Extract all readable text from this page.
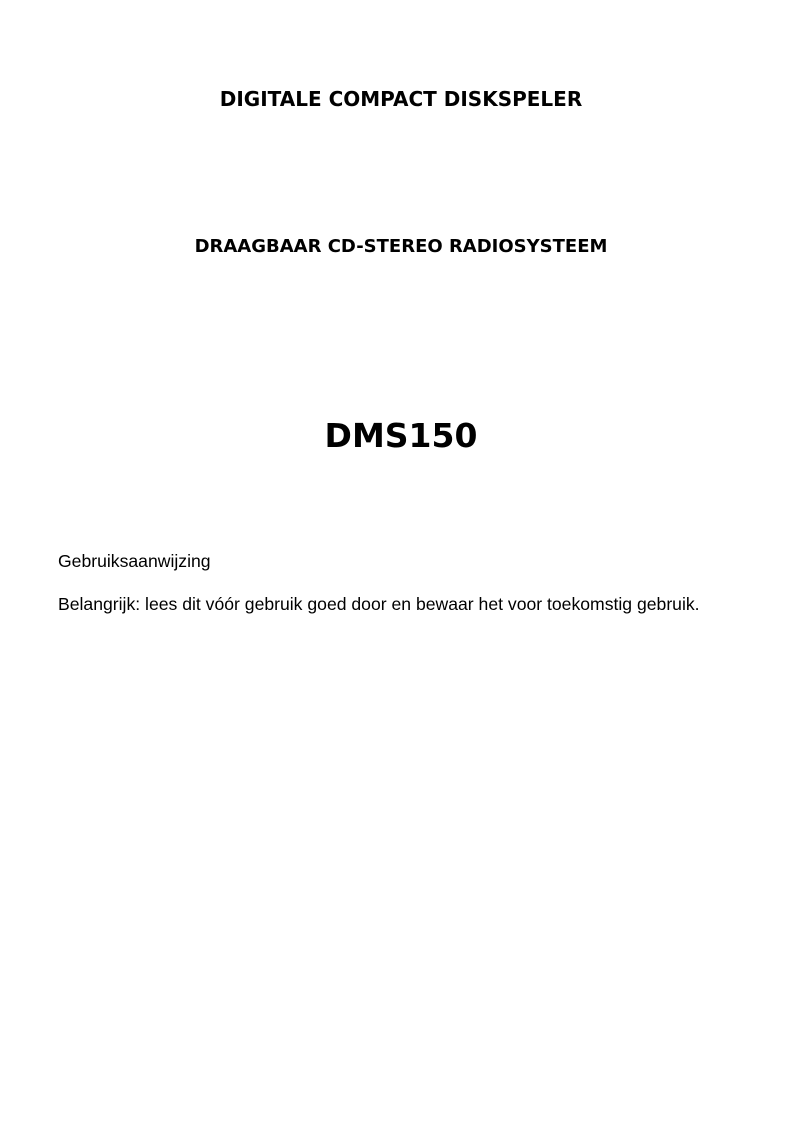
DIGITALE COMPACT DISKSPELER
DRAAGBAAR CD-STEREO RADIOSYSTEEM
DMS150
Gebruiksaanwijzing
Belangrijk: lees dit vóór gebruik goed door en bewaar het voor toekomstig gebruik.
